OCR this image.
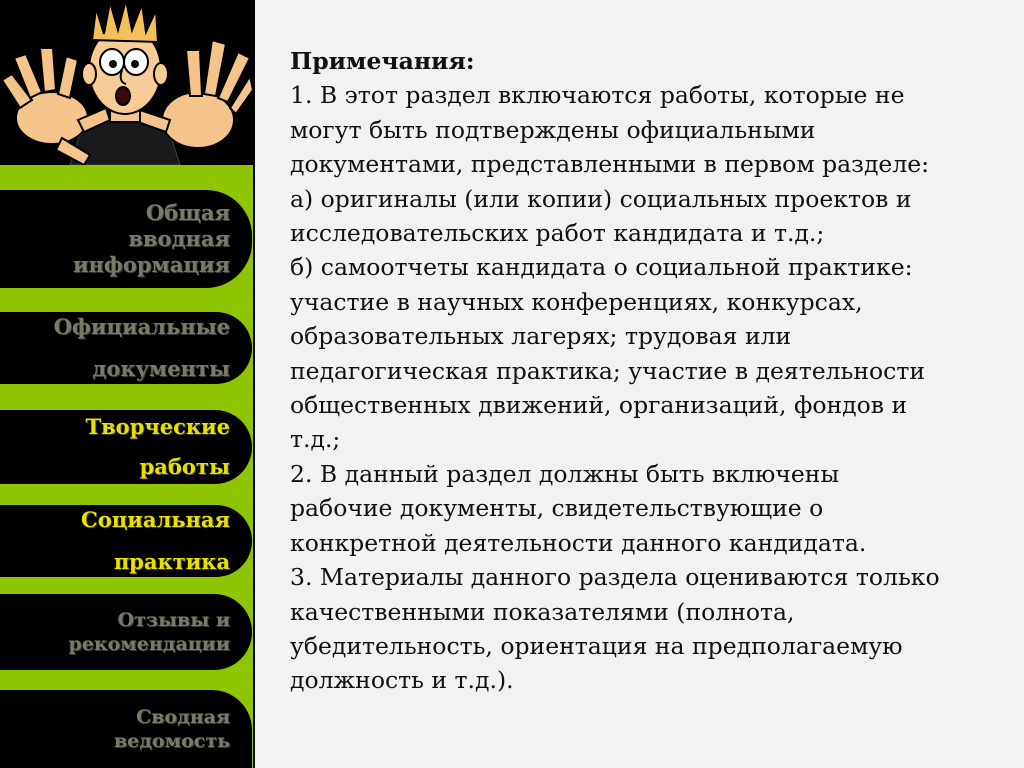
Общая
вводная
информация
Официальные
документы
Творческие
работы
Социальная
практика
Отзывы и
рекомендации
Сводная
ведомость
Примечания:
1. В этот раздел включаются работы, которые не
могут быть подтверждены официальными
документами, представленными в первом разделе:
а) оригиналы (или копии) социальных проектов и
исследовательских работ кандидата и т.д.;
б) самоотчеты кандидата о социальной практике:
участие в научных конференциях, конкурсах,
образовательных лагерях; трудовая или
педагогическая практика; участие в деятельности
общественных движений, организаций, фондов и
т.д.;
2. В данный раздел должны быть включены
рабочие документы, свидетельствующие о
конкретной деятельности данного кандидата.
3. Материалы данного раздела оцениваются только
качественными показателями (полнота,
убедительность, ориентация на предполагаемую
должность и т.д.).
